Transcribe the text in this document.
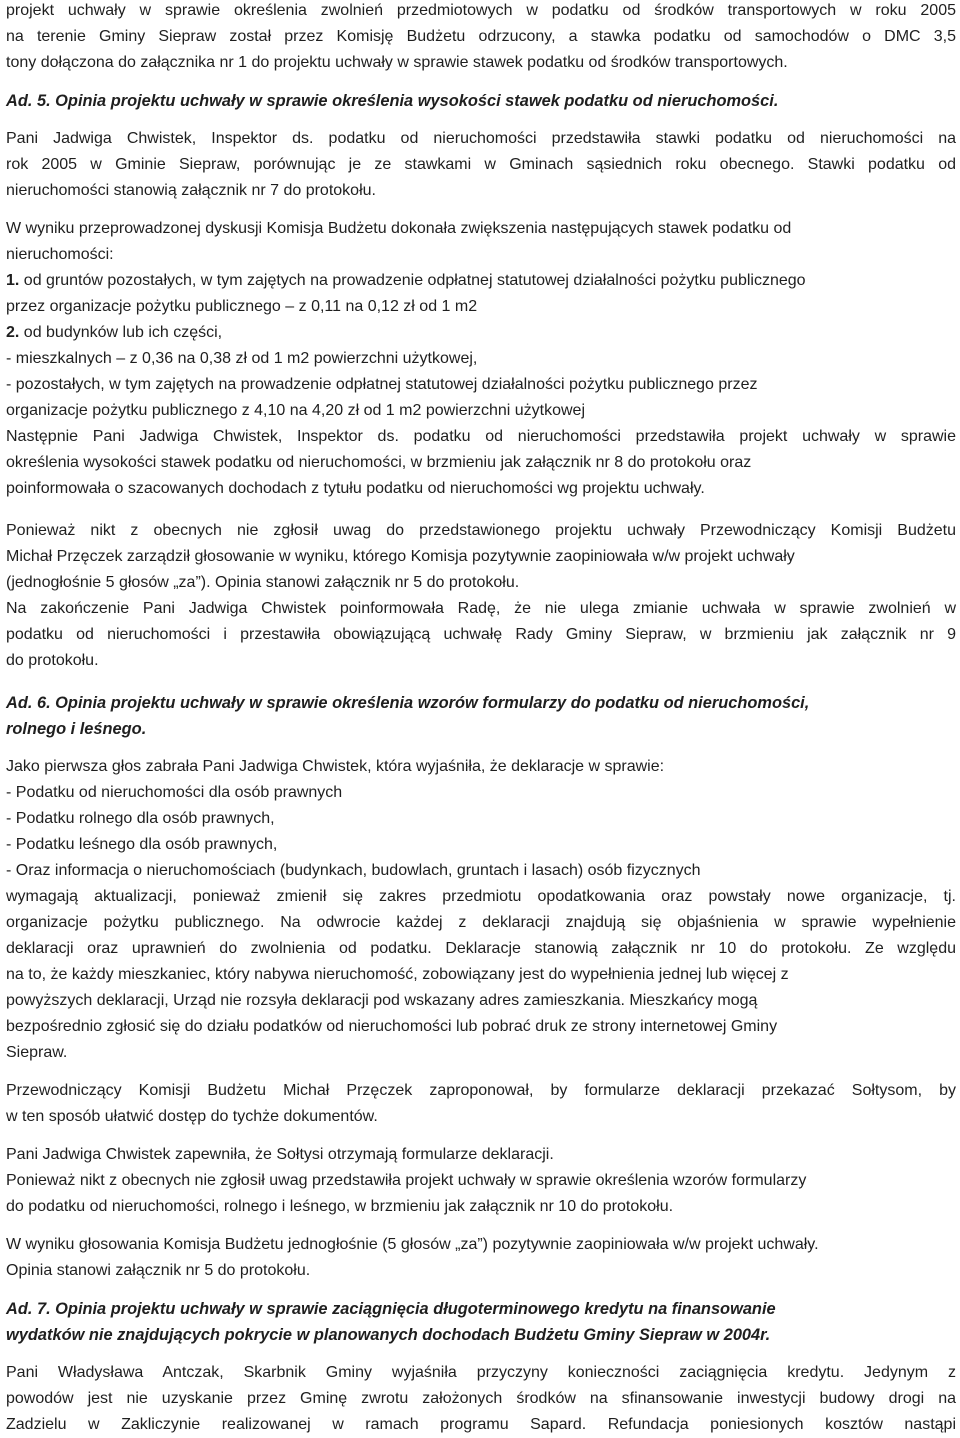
projekt uchwały w sprawie określenia zwolnień przedmiotowych w podatku od środków transportowych w roku 2005
na terenie Gminy Siepraw został przez Komisję Budżetu odrzucony, a stawka podatku od samochodów o DMC 3,5
tony dołączona do załącznika nr 1 do projektu uchwały w sprawie stawek podatku od środków transportowych.
Ad. 5. Opinia projektu uchwały w sprawie określenia wysokości stawek podatku od nieruchomości.
Pani Jadwiga Chwistek, Inspektor ds. podatku od nieruchomości przedstawiła stawki podatku od nieruchomości na
rok 2005 w Gminie Siepraw, porównując je ze stawkami w Gminach sąsiednich roku obecnego. Stawki podatku od
nieruchomości stanowią załącznik nr 7 do protokołu.
W wyniku przeprowadzonej dyskusji Komisja Budżetu dokonała zwiększenia następujących stawek podatku od
nieruchomości:
1. od gruntów pozostałych, w tym zajętych na prowadzenie odpłatnej statutowej działalności pożytku publicznego
przez organizacje pożytku publicznego – z 0,11 na 0,12 zł od 1 m2
2. od budynków lub ich części,
- mieszkalnych – z 0,36 na 0,38 zł od 1 m2 powierzchni użytkowej,
- pozostałych, w tym zajętych na prowadzenie odpłatnej statutowej działalności pożytku publicznego przez
organizacje pożytku publicznego z 4,10 na 4,20 zł od 1 m2 powierzchni użytkowej
Następnie Pani Jadwiga Chwistek, Inspektor ds. podatku od nieruchomości przedstawiła projekt uchwały w sprawie
określenia wysokości stawek podatku od nieruchomości, w brzmieniu jak załącznik nr 8 do protokołu oraz
poinformowała o szacowanych dochodach z tytułu podatku od nieruchomości wg projektu uchwały.
Ponieważ nikt z obecnych nie zgłosił uwag do przedstawionego projektu uchwały Przewodniczący Komisji Budżetu
Michał Przęczek zarządził głosowanie w wyniku, którego Komisja pozytywnie zaopiniowała w/w projekt uchwały
(jednogłośnie 5 głosów „za”). Opinia stanowi załącznik nr 5 do protokołu.
Na zakończenie Pani Jadwiga Chwistek poinformowała Radę, że nie ulega zmianie uchwała w sprawie zwolnień w
podatku od nieruchomości i przestawiła obowiązującą uchwałę Rady Gminy Siepraw, w brzmieniu jak załącznik nr 9
do protokołu.
Ad. 6. Opinia projektu uchwały w sprawie określenia wzorów formularzy do podatku od nieruchomości,
rolnego i leśnego.
Jako pierwsza głos zabrała Pani Jadwiga Chwistek, która wyjaśniła, że deklaracje w sprawie:
- Podatku od nieruchomości dla osób prawnych
- Podatku rolnego dla osób prawnych,
- Podatku leśnego dla osób prawnych,
- Oraz informacja o nieruchomościach (budynkach, budowlach, gruntach i lasach) osób fizycznych
wymagają aktualizacji, ponieważ zmienił się zakres przedmiotu opodatkowania oraz powstały nowe organizacje, tj.
organizacje pożytku publicznego. Na odwrocie każdej z deklaracji znajdują się objaśnienia w sprawie wypełnienie
deklaracji oraz uprawnień do zwolnienia od podatku. Deklaracje stanowią załącznik nr 10 do protokołu. Ze względu
na to, że każdy mieszkaniec, który nabywa nieruchomość, zobowiązany jest do wypełnienia jednej lub więcej z
powyższych deklaracji, Urząd nie rozsyła deklaracji pod wskazany adres zamieszkania. Mieszkańcy mogą
bezpośrednio zgłosić się do działu podatków od nieruchomości lub pobrać druk ze strony internetowej Gminy
Siepraw.
Przewodniczący Komisji Budżetu Michał Przęczek zaproponował, by formularze deklaracji przekazać Sołtysom, by
w ten sposób ułatwić dostęp do tychże dokumentów.
Pani Jadwiga Chwistek zapewniła, że Sołtysi otrzymają formularze deklaracji.
Ponieważ nikt z obecnych nie zgłosił uwag przedstawiła projekt uchwały w sprawie określenia wzorów formularzy
do podatku od nieruchomości, rolnego i leśnego, w brzmieniu jak załącznik nr 10 do protokołu.
W wyniku głosowania Komisja Budżetu jednogłośnie (5 głosów „za”) pozytywnie zaopiniowała w/w projekt uchwały.
Opinia stanowi załącznik nr 5 do protokołu.
Ad. 7. Opinia projektu uchwały w sprawie zaciągnięcia długoterminowego kredytu na finansowanie
wydatków nie znajdujących pokrycie w planowanych dochodach Budżetu Gminy Siepraw w 2004r.
Pani Władysława Antczak, Skarbnik Gminy wyjaśniła przyczyny konieczności zaciągnięcia kredytu. Jedynym z
powodów jest nie uzyskanie przez Gminę zwrotu założonych środków na sfinansowanie inwestycji budowy drogi na
Zadzielu w Zakliczynie realizowanej w ramach programu Sapard. Refundacja poniesionych kosztów nastąpi
